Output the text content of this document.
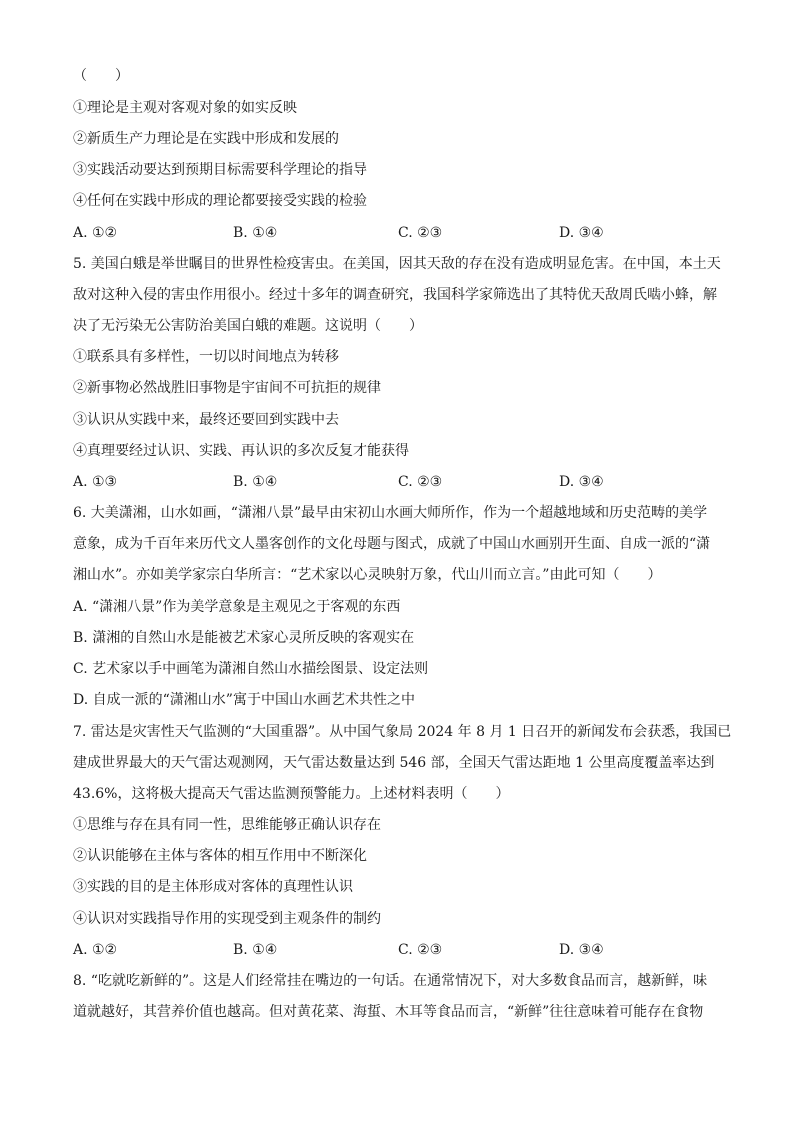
（　　）
①理论是主观对客观对象的如实反映
②新质生产力理论是在实践中形成和发展的
③实践活动要达到预期目标需要科学理论的指导
④任何在实践中形成的理论都要接受实践的检验
A. ①②	B. ①④	C. ②③	D. ③④
5. 美国白蛾是举世瞩目的世界性检疫害虫。在美国，因其天敌的存在没有造成明显危害。在中国，本土天
敌对这种入侵的害虫作用很小。经过十多年的调查研究，我国科学家筛选出了其特优天敌周氏啮小蜂，解
决了无污染无公害防治美国白蛾的难题。这说明（　　）
①联系具有多样性，一切以时间地点为转移
②新事物必然战胜旧事物是宇宙间不可抗拒的规律
③认识从实践中来，最终还要回到实践中去
④真理要经过认识、实践、再认识的多次反复才能获得
A. ①③	B. ①④	C. ②③	D. ③④
6. 大美潇湘，山水如画，“潇湘八景”最早由宋初山水画大师所作，作为一个超越地域和历史范畴的美学
意象，成为千百年来历代文人墨客创作的文化母题与图式，成就了中国山水画别开生面、自成一派的“潇
湘山水”。亦如美学家宗白华所言：“艺术家以心灵映射万象，代山川而立言。”由此可知（　　）
A. “潇湘八景”作为美学意象是主观见之于客观的东西
B. 潇湘的自然山水是能被艺术家心灵所反映的客观实在
C. 艺术家以手中画笔为潇湘自然山水描绘图景、设定法则
D. 自成一派的“潇湘山水”寓于中国山水画艺术共性之中
7. 雷达是灾害性天气监测的“大国重器”。从中国气象局 2024 年 8 月 1 日召开的新闻发布会获悉，我国已
建成世界最大的天气雷达观测网，天气雷达数量达到 546 部，全国天气雷达距地 1 公里高度覆盖率达到
43.6%，这将极大提高天气雷达监测预警能力。上述材料表明（　　）
①思维与存在具有同一性，思维能够正确认识存在
②认识能够在主体与客体的相互作用中不断深化
③实践的目的是主体形成对客体的真理性认识
④认识对实践指导作用的实现受到主观条件的制约
A. ①②	B. ①④	C. ②③	D. ③④
8. “吃就吃新鲜的”。这是人们经常挂在嘴边的一句话。在通常情况下，对大多数食品而言，越新鲜，味
道就越好，其营养价值也越高。但对黄花菜、海蜇、木耳等食品而言，“新鲜”往往意味着可能存在食物
